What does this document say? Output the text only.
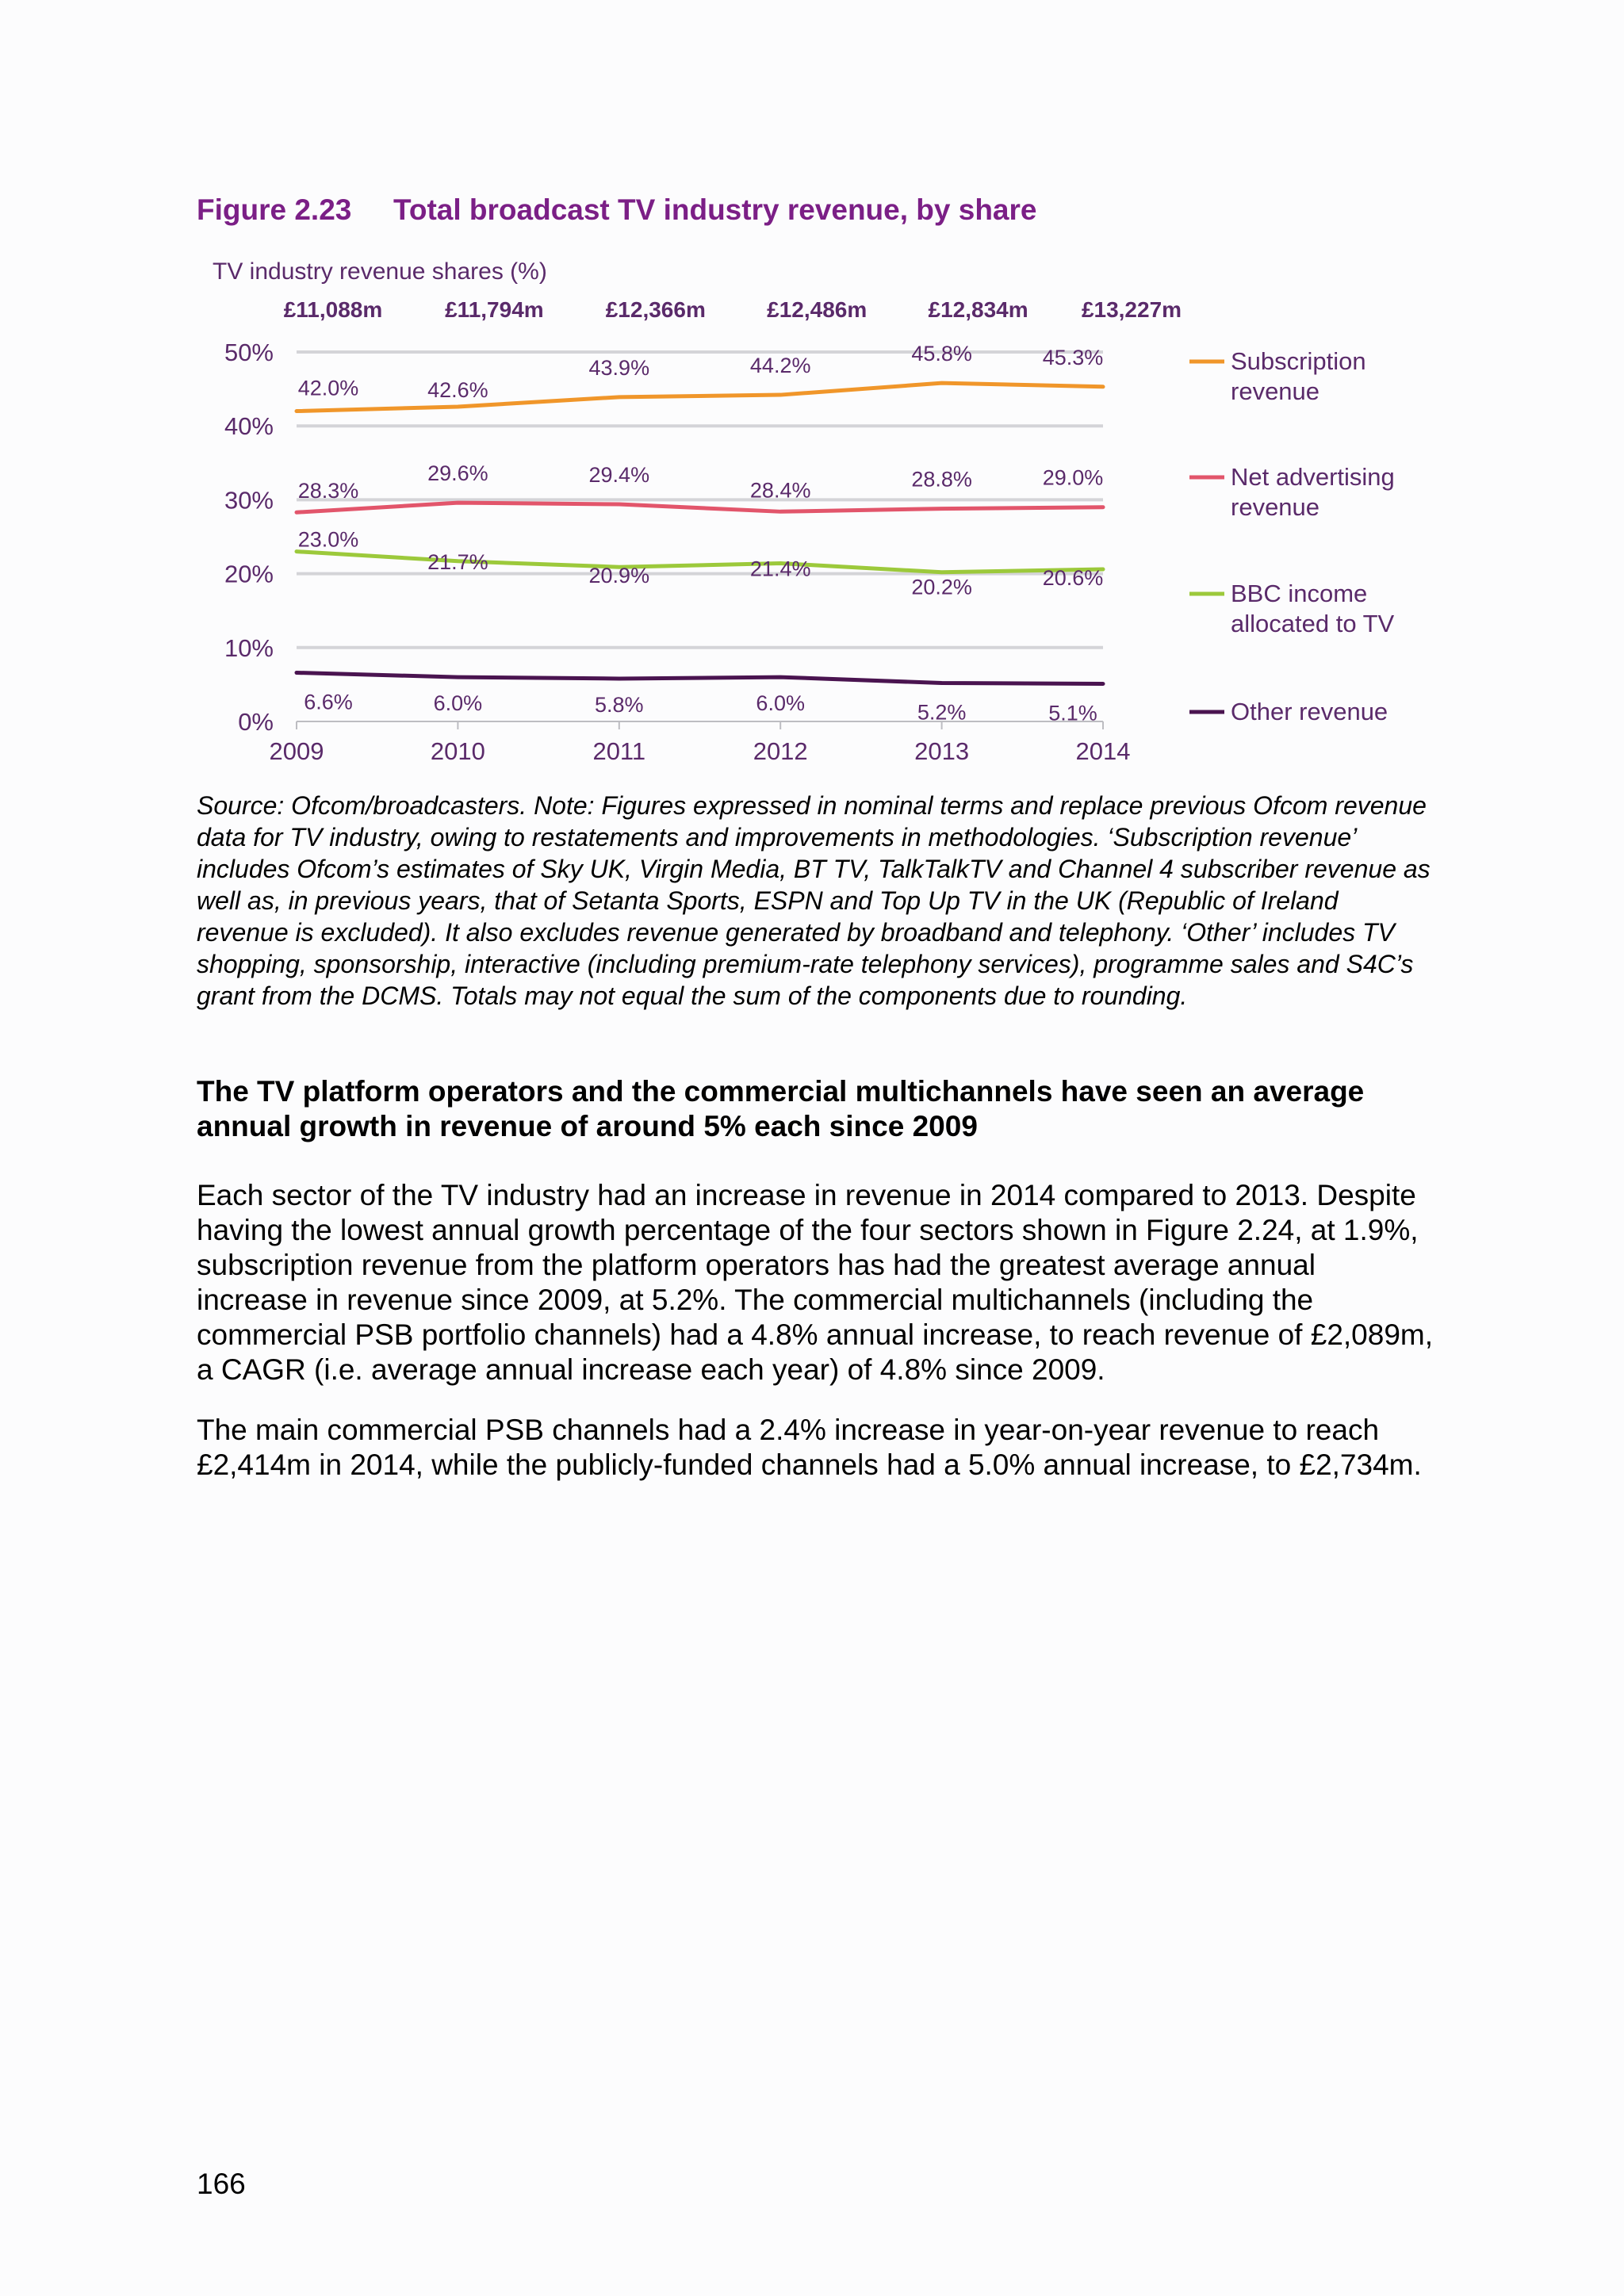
Figure 2.23 Total broadcast TV industry revenue, by share
TV industry revenue shares (%)
£11,088m	£11,794m	£12,366m	£12,486m	£12,834m £13,227m
50%
40%
30%
20%
10%
0%
2009	2010	2011	2012	2013	2014
42.0%	42.6%
43.9%	44.2%	45.8%	45.3%	Subscription
revenue
28.3%
29.6%	29.4%
28.4%	28.8%	29.0%	Net advertising
revenue
23.0%
21.7%
20.9%	21.4%
20.2%	20.6%
BBC income
allocated to TV
6.6%	6.0%	5.8%	6.0%	5.2%	5.1%	Other revenue
Source: Ofcom/broadcasters. Note: Figures expressed in nominal terms and replace previous Ofcom revenue data for TV industry, owing to restatements and improvements in methodologies. ‘Subscription revenue’ includes Ofcom’s estimates of Sky UK, Virgin Media, BT TV, TalkTalkTV and Channel 4 subscriber revenue as well as, in previous years, that of Setanta Sports, ESPN and Top Up TV in the UK (Republic of Ireland revenue is excluded). It also excludes revenue generated by broadband and telephony. ‘Other’ includes TV shopping, sponsorship, interactive (including premium-rate telephony services), programme sales and S4C’s grant from the DCMS. Totals may not equal the sum of the components due to rounding.
The TV platform operators and the commercial multichannels have seen an average annual growth in revenue of around 5% each since 2009

Each sector of the TV industry had an increase in revenue in 2014 compared to 2013. Despite having the lowest annual growth percentage of the four sectors shown in Figure 2.24, at 1.9%, subscription revenue from the platform operators has had the greatest average annual increase in revenue since 2009, at 5.2%. The commercial multichannels (including the commercial PSB portfolio channels) had a 4.8% annual increase, to reach revenue of £2,089m, a CAGR (i.e. average annual increase each year) of 4.8% since 2009.

The main commercial PSB channels had a 2.4% increase in year-on-year revenue to reach £2,414m in 2014, while the publicly-funded channels had a 5.0% annual increase, to £2,734m.

166
